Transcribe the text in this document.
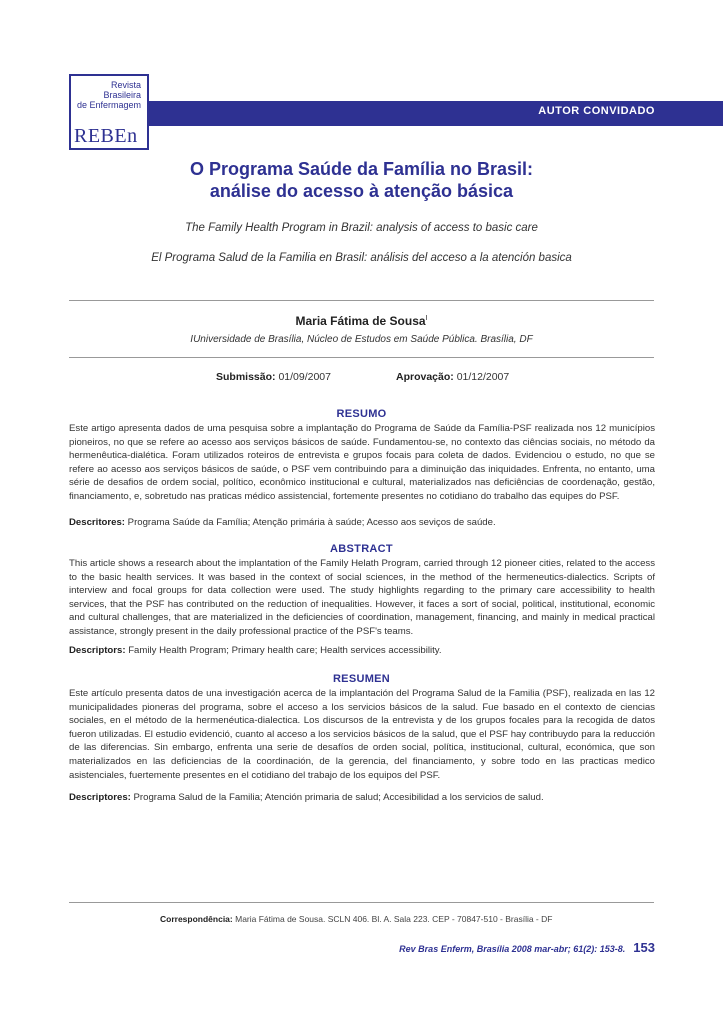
Revista
Brasileira
de Enfermagem
REBEn
AUTOR CONVIDADO
O Programa Saúde da Família no Brasil:
análise do acesso à atenção básica
The Family Health Program in Brazil: analysis of access to basic care
El Programa Salud de la Familia en Brasil: análisis del acceso a la atención basica
Maria Fátima de Sousa$^I$
IUniversidade de Brasília, Núcleo de Estudos em Saúde Pública. Brasília, DF
Submissão: 01/09/2007	Aprovação: 01/12/2007
RESUMO
Este artigo apresenta dados de uma pesquisa sobre a implantação do Programa de Saúde da Família-PSF realizada nos 12 municípios pioneiros, no que se refere ao acesso aos serviços básicos de saúde. Fundamentou-se, no contexto das ciências sociais, no método da hermenêutica-dialética. Foram utilizados roteiros de entrevista e grupos focais para coleta de dados. Evidenciou o estudo, no que se refere ao acesso aos serviços básicos de saúde, o PSF vem contribuindo para a diminuição das iniquidades. Enfrenta, no entanto, uma série de desafios de ordem social, político, econômico institucional e cultural, materializados nas deficiências de coordenação, gestão, financiamento, e, sobretudo nas praticas médico assistencial, fortemente presentes no cotidiano do trabalho das equipes do PSF.
Descritores: Programa Saúde da Família; Atenção primária à saúde; Acesso aos seviços de saúde.
ABSTRACT
This article shows a research about the implantation of the Family Helath Program, carried through 12 pioneer cities, related to the access to the basic health services. It was based in the context of social sciences, in the method of the hermeneutics-dialectics. Scripts of interview and focal groups for data collection were used. The study highlights regarding to the primary care accessibility to health services, that the PSF has contributed on the reduction of inequalities. However, it faces a sort of social, political, institutional, economic and cultural challenges, that are materialized in the deficiencies of coordination, management, financing, and mainly in medical practical assistance, strongly present in the daily professional practice of the PSF's teams.
Descriptors: Family Health Program; Primary health care; Health services accessibility.
RESUMEN
Este artículo presenta datos de una investigación acerca de la implantación del Programa Salud de la Familia (PSF), realizada en las 12 municipalidades pioneras del programa, sobre el acceso a los servicios básicos de la salud. Fue basado en el contexto de ciencias sociales, en el método de la hermenéutica-dialectica. Los discursos de la entrevista y de los grupos focales para la recogida de datos fueron utilizadas. El estudio evidenció, cuanto al acceso a los servicios básicos de la salud, que el PSF hay contribuydo para la reducción de las diferencias. Sin embargo, enfrenta una serie de desafíos de orden social, política, institucional, cultural, económica, que son materializados en las deficiencias de la coordinación, de la gerencia, del financiamento, y sobre todo en las practicas medico asistenciales, fuertemente presentes en el cotidiano del trabajo de los equipos del PSF.
Descriptores: Programa Salud de la Familia; Atención primaria de salud; Accesibilidad a los servicios de salud.
Correspondência: Maria Fátima de Sousa. SCLN 406. Bl. A. Sala 223. CEP - 70847-510 - Brasília - DF
Rev Bras Enferm, Brasília 2008 mar-abr; 61(2): 153-8. 153
